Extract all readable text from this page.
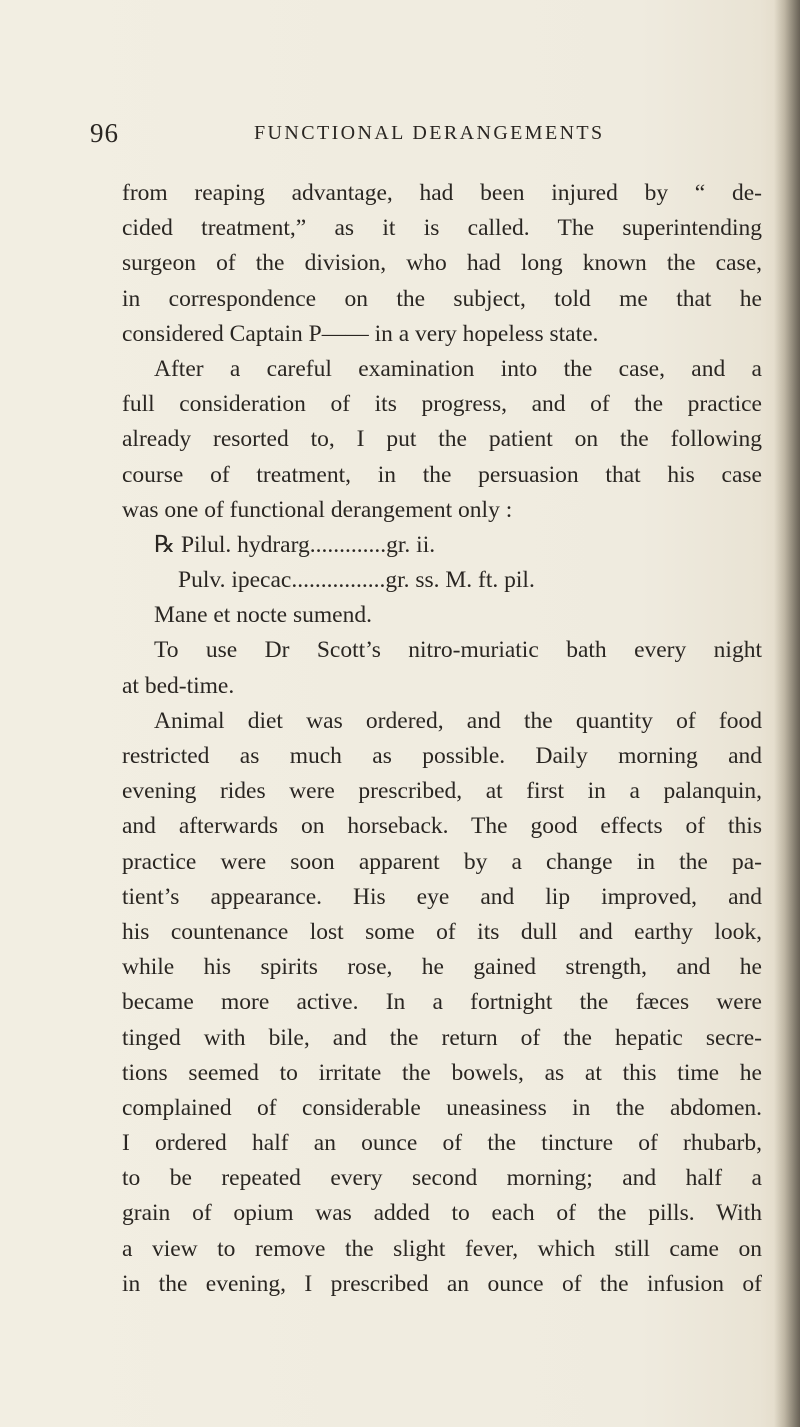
96	FUNCTIONAL DERANGEMENTS
from reaping advantage, had been injured by “ de-
cided treatment,” as it is called. The superintending
surgeon of the division, who had long known the case,
in correspondence on the subject, told me that he
considered Captain P—— in a very hopeless state.
After a careful examination into the case, and a
full consideration of its progress, and of the practice
already resorted to, I put the patient on the following
course of treatment, in the persuasion that his case
was one of functional derangement only :
℞ Pilul. hydrarg.............gr. ii.
Pulv. ipecac................gr. ss. M. ft. pil.
Mane et nocte sumend.
To use Dr Scott’s nitro-muriatic bath every night
at bed-time.
Animal diet was ordered, and the quantity of food
restricted as much as possible. Daily morning and
evening rides were prescribed, at first in a palanquin,
and afterwards on horseback. The good effects of this
practice were soon apparent by a change in the pa-
tient’s appearance. His eye and lip improved, and
his countenance lost some of its dull and earthy look,
while his spirits rose, he gained strength, and he
became more active. In a fortnight the fæces were
tinged with bile, and the return of the hepatic secre-
tions seemed to irritate the bowels, as at this time he
complained of considerable uneasiness in the abdomen.
I ordered half an ounce of the tincture of rhubarb,
to be repeated every second morning; and half a
grain of opium was added to each of the pills. With
a view to remove the slight fever, which still came on
in the evening, I prescribed an ounce of the infusion of
